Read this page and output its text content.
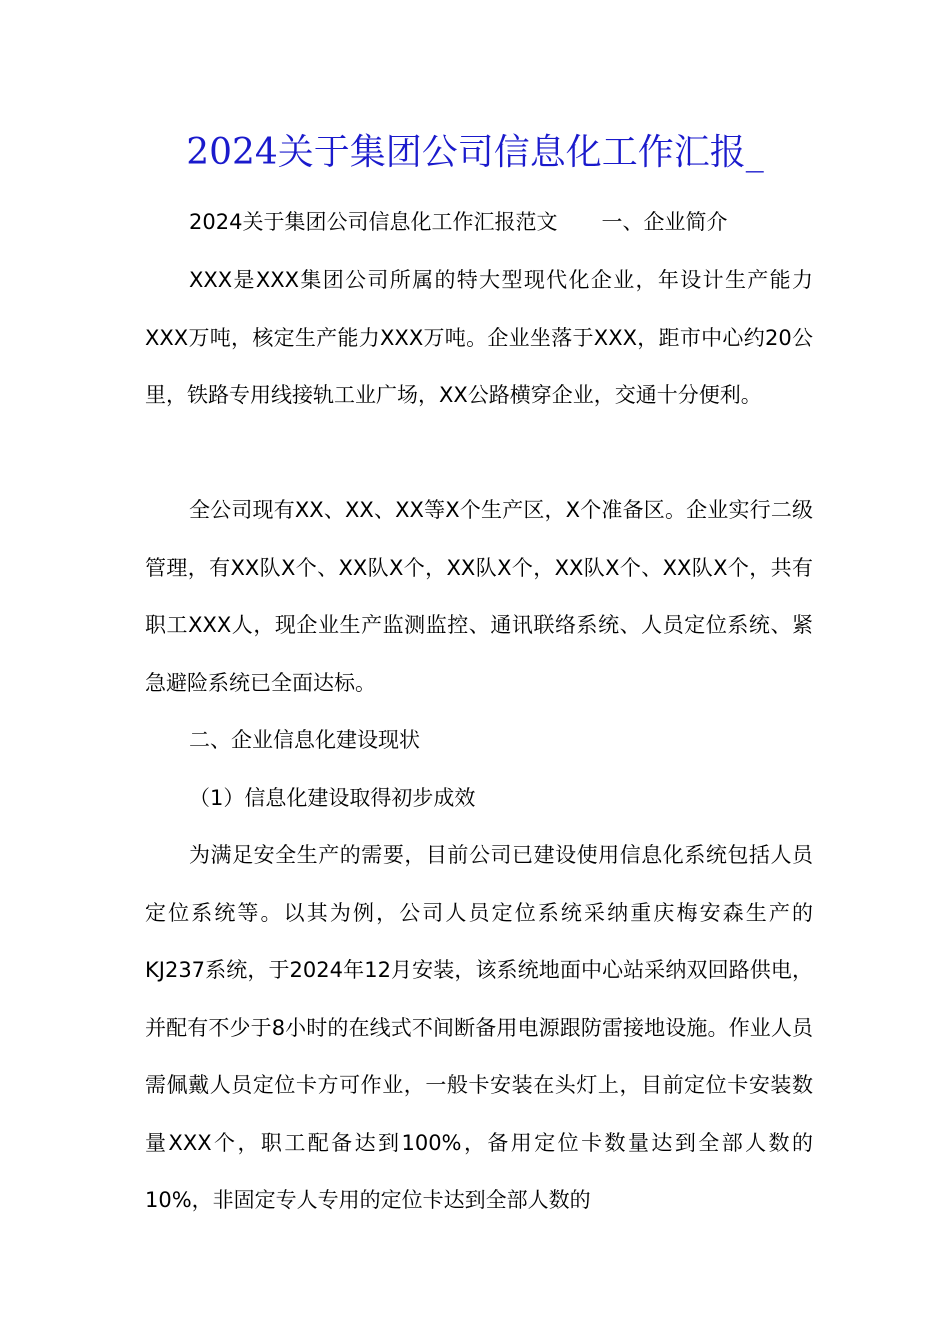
2024关于集团公司信息化工作汇报_

2024关于集团公司信息化工作汇报范文 一、企业简介

XXX是XXX集团公司所属的特大型现代化企业，年设计生产能力XXX万吨，核定生产能力XXX万吨。企业坐落于XXX，距市中心约20公里，铁路专用线接轨工业广场，XX公路横穿企业，交通十分便利。

全公司现有XX、XX、XX等X个生产区，X个准备区。企业实行二级管理，有XX队X个、XX队X个，XX队X个，XX队X个、XX队X个，共有职工XXX人，现企业生产监测监控、通讯联络系统、人员定位系统、紧急避险系统已全面达标。

二、企业信息化建设现状

（1）信息化建设取得初步成效

为满足安全生产的需要，目前公司已建设使用信息化系统包括人员定位系统等。以其为例，公司人员定位系统采纳重庆梅安森生产的KJ237系统，于2024年12月安装，该系统地面中心站采纳双回路供电，并配有不少于8小时的在线式不间断备用电源跟防雷接地设施。作业人员需佩戴人员定位卡方可作业，一般卡安装在头灯上，目前定位卡安装数量XXX个，职工配备达到100%，备用定位卡数量达到全部人数的10%，非固定专人专用的定位卡达到全部人数的
